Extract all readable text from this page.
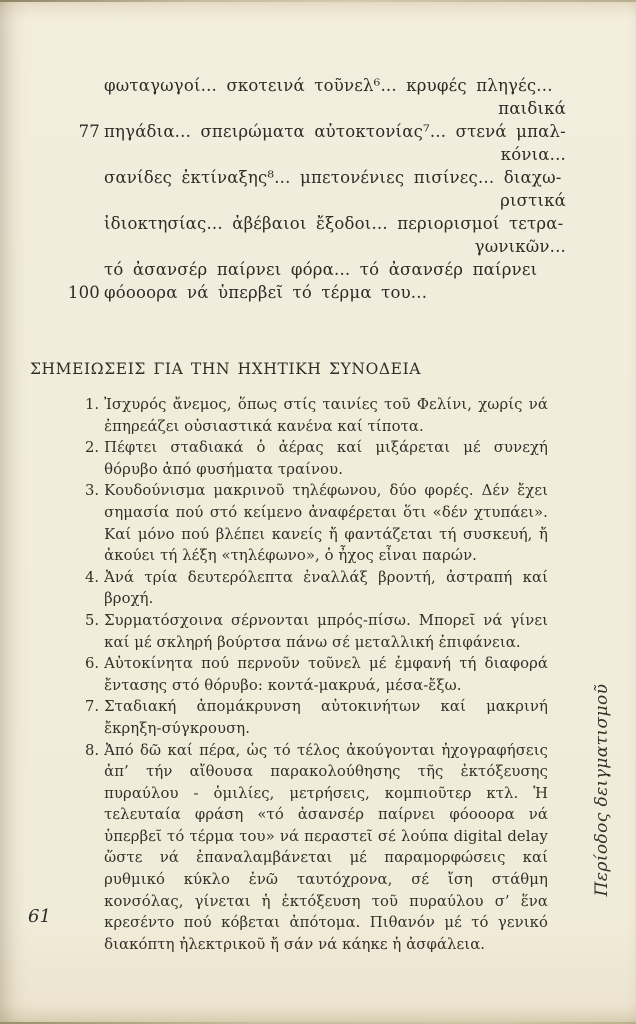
φωταγωγοί... σκοτεινά τοῦνελ⁶... κρυφές πληγές...
παιδικά
77 πηγάδια... σπειρώματα αὐτοκτονίας⁷... στενά μπαλ-
κόνια...
σανίδες ἐκτίναξης⁸... μπετονένιες πισίνες... διαχω-
ριστικά
ἰδιοκτησίας... ἀβέβαιοι ἔξοδοι... περιορισμοί τετρα-
γωνικῶν...
τό ἀσανσέρ παίρνει φόρα... τό ἀσανσέρ παίρνει
100 φόοοορα νά ὑπερβεῖ τό τέρμα του...
ΣΗΜΕΙΩΣΕΙΣ ΓΙΑ ΤΗΝ ΗΧΗΤΙΚΗ ΣΥΝΟΔΕΙΑ
1. Ἰσχυρός ἄνεμος, ὅπως στίς ταινίες τοῦ Φελίνι, χωρίς νά ἐπηρεάζει οὐσιαστικά κανένα καί τίποτα.
2. Πέφτει σταδιακά ὁ ἀέρας καί μιξάρεται μέ συνεχή θόρυβο ἀπό φυσήματα τραίνου.
3. Κουδούνισμα μακρινοῦ τηλέφωνου, δύο φορές. Δέν ἔχει σημασία πού στό κείμενο ἀναφέρεται ὅτι «δέν χτυπάει». Καί μόνο πού βλέπει κανείς ἤ φαντάζεται τή συσκευή, ἤ ἀκούει τή λέξη «τηλέφωνο», ὁ ἦχος εἶναι παρών.
4. Ἀνά τρία δευτερόλεπτα ἐναλλάξ βροντή, ἀστραπή καί βροχή.
5. Συρματόσχοινα σέρνονται μπρός-πίσω. Μπορεῖ νά γίνει καί μέ σκληρή βούρτσα πάνω σέ μεταλλική ἐπιφάνεια.
6. Αὐτοκίνητα πού περνοῦν τοῦνελ μέ ἐμφανή τή διαφορά ἔντασης στό θόρυβο: κοντά-μακρυά, μέσα-ἔξω.
7. Σταδιακή ἀπομάκρυνση αὐτοκινήτων καί μακρινή ἔκρηξη-σύγκρουση.
8. Ἀπό δῶ καί πέρα, ὡς τό τέλος ἀκούγονται ἠχογραφήσεις ἀπ’ τήν αἴθουσα παρακολούθησης τῆς ἐκτόξευσης πυραύλου - ὁμιλίες, μετρήσεις, κομπιοῦτερ κτλ. Ἡ τελευταία φράση «τό ἀσανσέρ παίρνει φόοοορα νά ὑπερβεῖ τό τέρμα του» νά περαστεῖ σέ λούπα digital delay ὥστε νά ἐπαναλαμβάνεται μέ παραμορφώσεις καί ρυθμικό κύκλο ἐνῶ ταυτόχρονα, σέ ἴση στάθμη κονσόλας, γίνεται ἡ ἐκτόξευση τοῦ πυραύλου σ’ ἕνα κρεσέντο πού κόβεται ἀπότομα. Πιθανόν μέ τό γενικό διακόπτη ἠλεκτρικοῦ ἤ σάν νά κάηκε ἡ ἀσφάλεια.
Περίοδος δειγματισμοῦ
61
